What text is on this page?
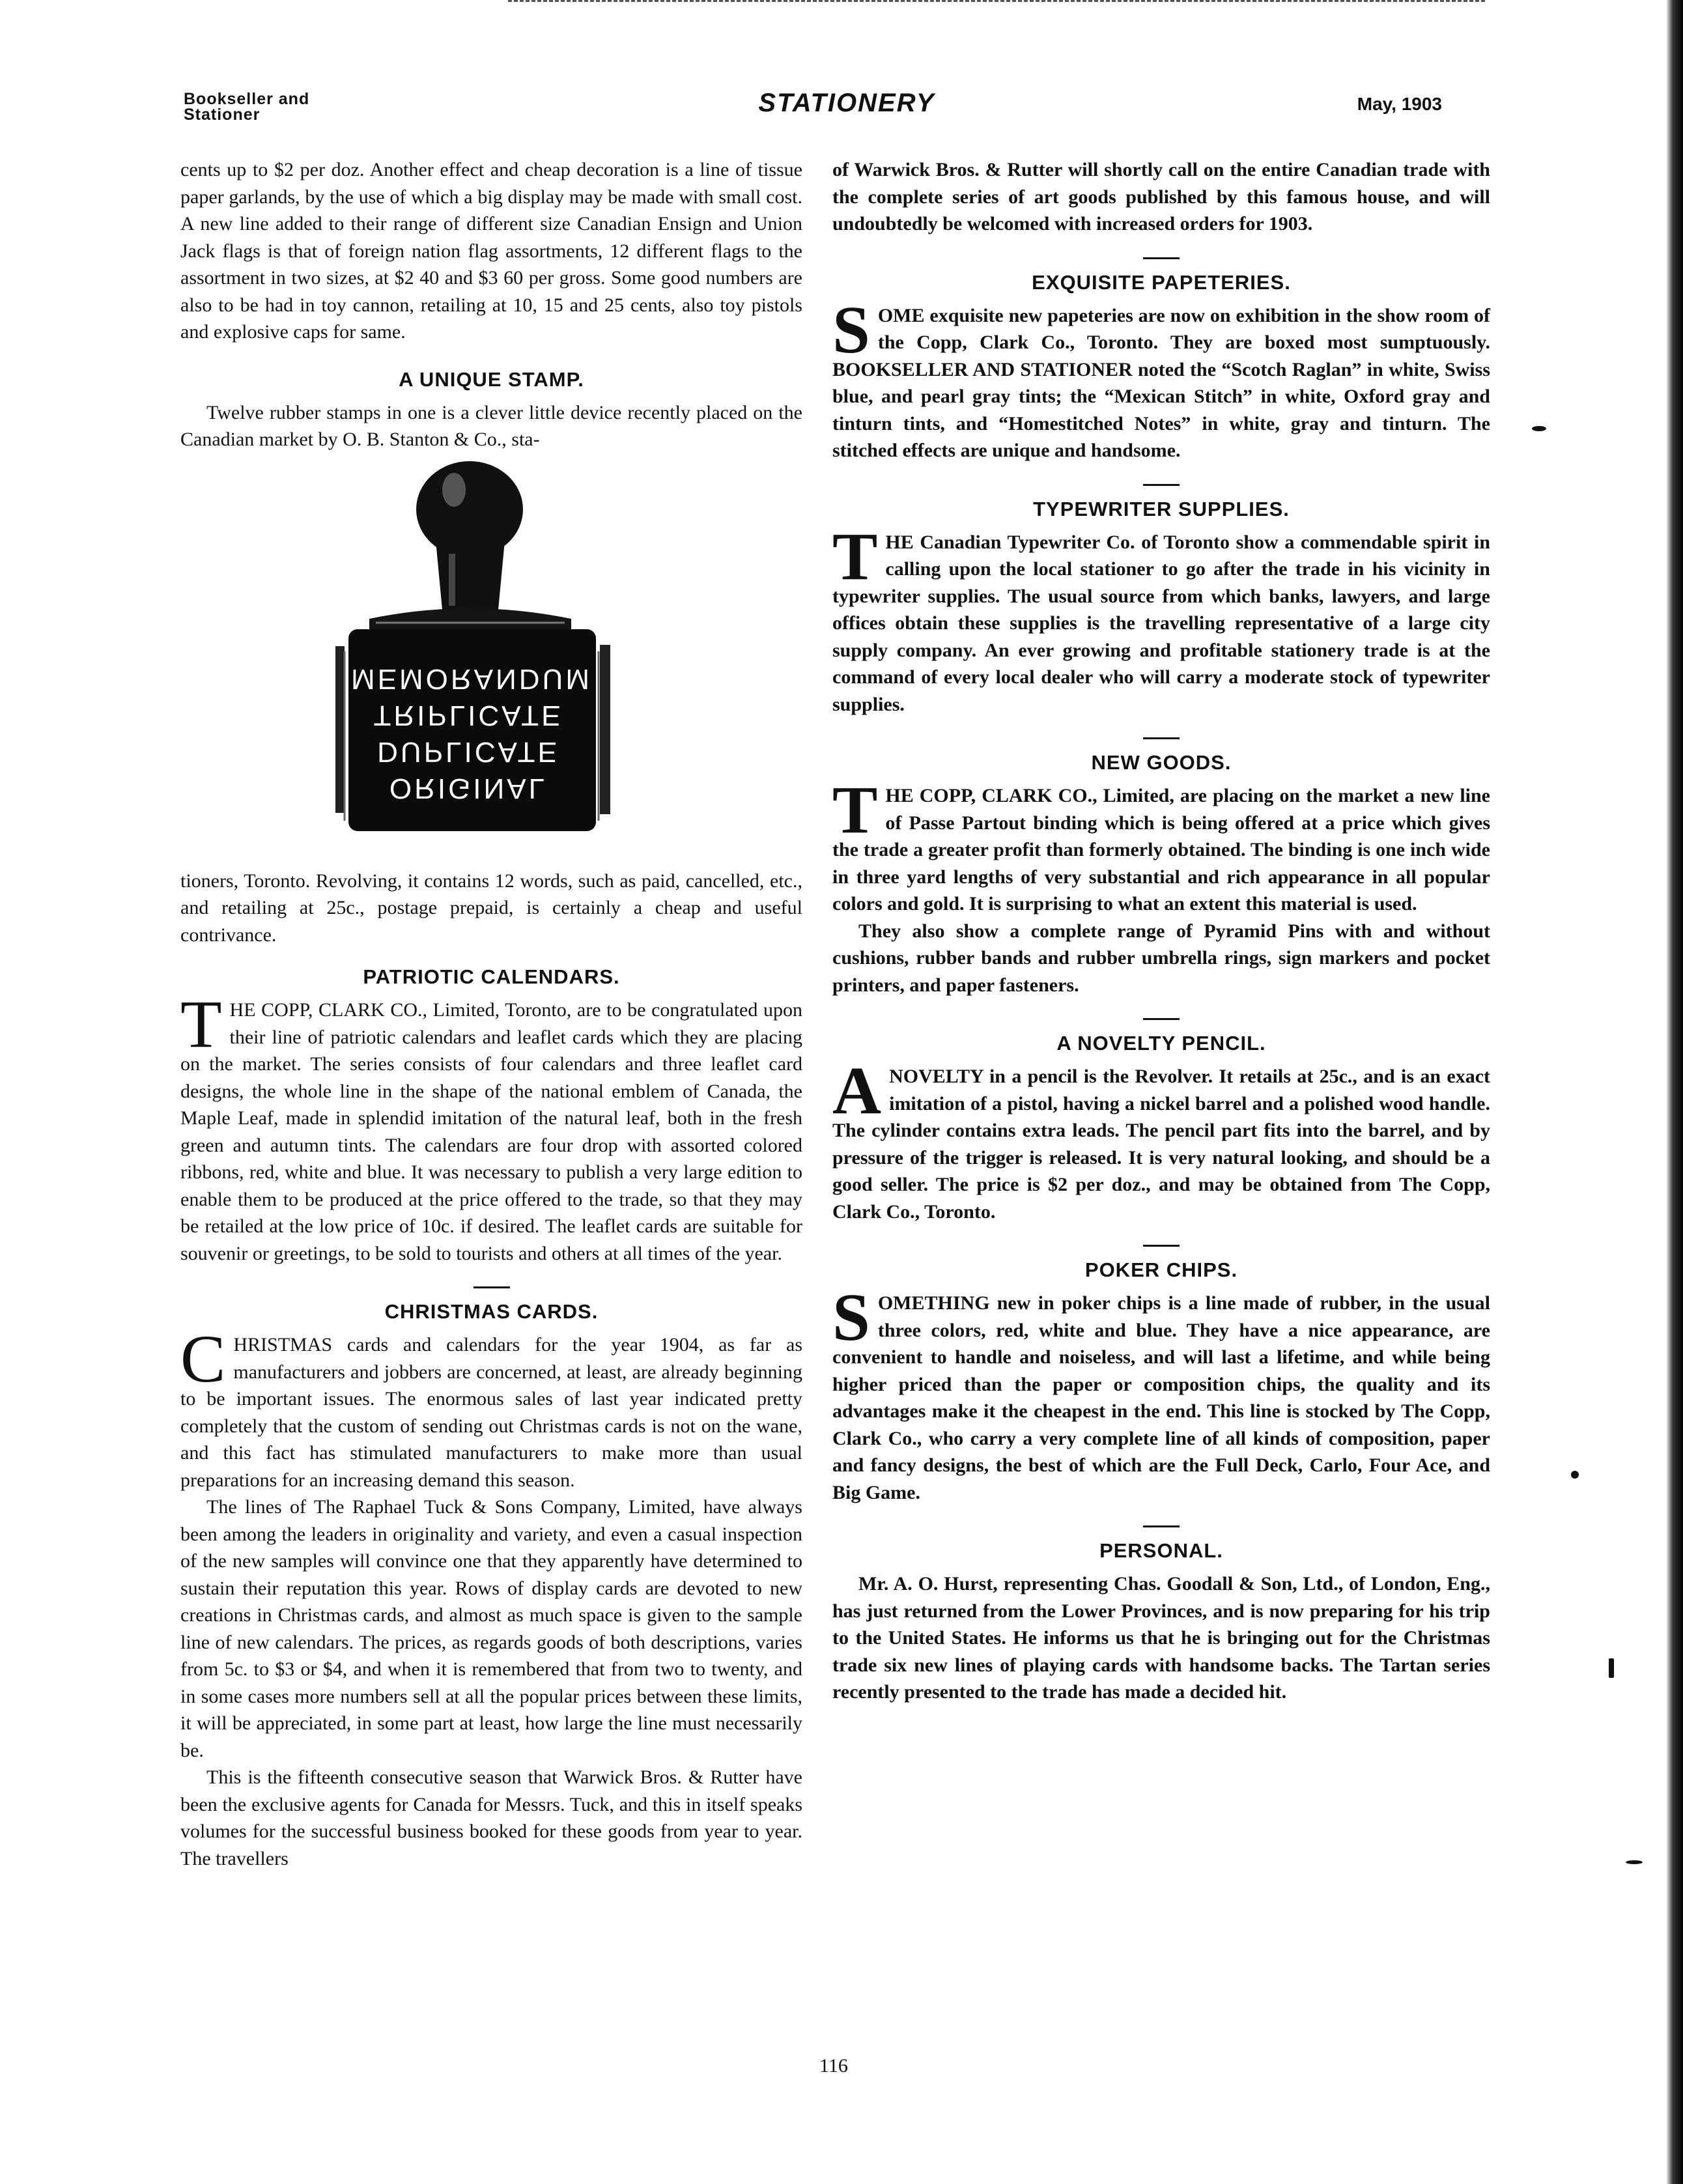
Bookseller and
Stationer	STATIONERY	May, 1903

cents up to $2 per doz. Another effect and cheap decoration is a line of tissue paper garlands, by the use of which a big display may be made with small cost. A new line added to their range of different size Canadian Ensign and Union Jack flags is that of foreign nation flag assortments, 12 different flags to the assortment in two sizes, at $2 40 and $3 60 per gross. Some good numbers are also to be had in toy cannon, retailing at 10, 15 and 25 cents, also toy pistols and explosive caps for same.

A UNIQUE STAMP.

Twelve rubber stamps in one is a clever little device recently placed on the Canadian market by O. B. Stanton & Co., sta-

MEMORANDUM
TRIPLICATE
DUPLICATE
ORIGINAL

tioners, Toronto. Revolving, it contains 12 words, such as paid, cancelled, etc., and retailing at 25c., postage prepaid, is certainly a cheap and useful contrivance.

PATRIOTIC CALENDARS.

THE COPP, CLARK CO., Limited, Toronto, are to be congratulated upon their line of patriotic calendars and leaflet cards which they are placing on the market. The series consists of four calendars and three leaflet card designs, the whole line in the shape of the national emblem of Canada, the Maple Leaf, made in splendid imitation of the natural leaf, both in the fresh green and autumn tints. The calendars are four drop with assorted colored ribbons, red, white and blue. It was necessary to publish a very large edition to enable them to be produced at the price offered to the trade, so that they may be retailed at the low price of 10c. if desired. The leaflet cards are suitable for souvenir or greetings, to be sold to tourists and others at all times of the year.

CHRISTMAS CARDS.

CHRISTMAS cards and calendars for the year 1904, as far as manufacturers and jobbers are concerned, at least, are already beginning to be important issues. The enormous sales of last year indicated pretty completely that the custom of sending out Christmas cards is not on the wane, and this fact has stimulated manufacturers to make more than usual preparations for an increasing demand this season.

The lines of The Raphael Tuck & Sons Company, Limited, have always been among the leaders in originality and variety, and even a casual inspection of the new samples will convince one that they apparently have determined to sustain their reputation this year. Rows of display cards are devoted to new creations in Christmas cards, and almost as much space is given to the sample line of new calendars. The prices, as regards goods of both descriptions, varies from 5c. to $3 or $4, and when it is remembered that from two to twenty, and in some cases more numbers sell at all the popular prices between these limits, it will be appreciated, in some part at least, how large the line must necessarily be.

This is the fifteenth consecutive season that Warwick Bros. & Rutter have been the exclusive agents for Canada for Messrs. Tuck, and this in itself speaks volumes for the successful business booked for these goods from year to year. The travellers

of Warwick Bros. & Rutter will shortly call on the entire Canadian trade with the complete series of art goods published by this famous house, and will undoubtedly be welcomed with increased orders for 1903.

EXQUISITE PAPETERIES.

SOME exquisite new papeteries are now on exhibition in the show room of the Copp, Clark Co., Toronto. They are boxed most sumptuously. BOOKSELLER AND STATIONER noted the “Scotch Raglan” in white, Swiss blue, and pearl gray tints; the “Mexican Stitch” in white, Oxford gray and tinturn tints, and “Homestitched Notes” in white, gray and tinturn. The stitched effects are unique and handsome.

TYPEWRITER SUPPLIES.

THE Canadian Typewriter Co. of Toronto show a commendable spirit in calling upon the local stationer to go after the trade in his vicinity in typewriter supplies. The usual source from which banks, lawyers, and large offices obtain these supplies is the travelling representative of a large city supply company. An ever growing and profitable stationery trade is at the command of every local dealer who will carry a moderate stock of typewriter supplies.

NEW GOODS.

THE COPP, CLARK CO., Limited, are placing on the market a new line of Passe Partout binding which is being offered at a price which gives the trade a greater profit than formerly obtained. The binding is one inch wide in three yard lengths of very substantial and rich appearance in all popular colors and gold. It is surprising to what an extent this material is used.

They also show a complete range of Pyramid Pins with and without cushions, rubber bands and rubber umbrella rings, sign markers and pocket printers, and paper fasteners.

A NOVELTY PENCIL.

ANOVELTY in a pencil is the Revolver. It retails at 25c., and is an exact imitation of a pistol, having a nickel barrel and a polished wood handle. The cylinder contains extra leads. The pencil part fits into the barrel, and by pressure of the trigger is released. It is very natural looking, and should be a good seller. The price is $2 per doz., and may be obtained from The Copp, Clark Co., Toronto.

POKER CHIPS.

SOMETHING new in poker chips is a line made of rubber, in the usual three colors, red, white and blue. They have a nice appearance, are convenient to handle and noiseless, and will last a lifetime, and while being higher priced than the paper or composition chips, the quality and its advantages make it the cheapest in the end. This line is stocked by The Copp, Clark Co., who carry a very complete line of all kinds of composition, paper and fancy designs, the best of which are the Full Deck, Carlo, Four Ace, and Big Game.

PERSONAL.

Mr. A. O. Hurst, representing Chas. Goodall & Son, Ltd., of London, Eng., has just returned from the Lower Provinces, and is now preparing for his trip to the United States. He informs us that he is bringing out for the Christmas trade six new lines of playing cards with handsome backs. The Tartan series recently presented to the trade has made a decided hit.

116
